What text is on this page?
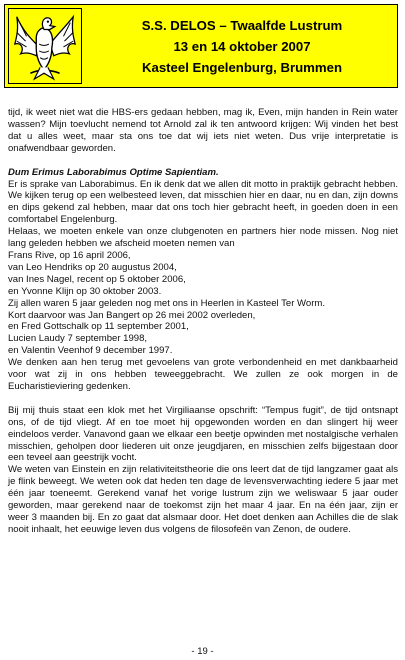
S.S. DELOS – Twaalfde Lustrum
13 en 14 oktober 2007
Kasteel Engelenburg, Brummen

tijd, ik weet niet wat die HBS-ers gedaan hebben, mag ik, Even, mijn handen in Rein water wassen? Mijn toevlucht nemend tot Arnold zal ik ten antwoord krijgen: Wij vinden het best dat u alles weet, maar sta ons toe dat wij iets niet weten. Dus vrije interpretatie is onafwendbaar geworden.

Dum Erimus Laborabimus Optime Sapientiam.

Er is sprake van Laborabimus. En ik denk dat we allen dit motto in praktijk gebracht hebben. We kijken terug op een welbesteed leven, dat misschien hier en daar, nu en dan, zijn downs en dips gekend zal hebben, maar dat ons toch hier gebracht heeft, in goeden doen in een comfortabel Engelenburg.

Helaas, we moeten enkele van onze clubgenoten en partners hier node missen. Nog niet lang geleden hebben we afscheid moeten nemen van

Frans Rive, op 16 april 2006,

van Leo Hendriks op 20 augustus 2004,

van Ines Nagel, recent op 5 oktober 2006,

en Yvonne Klijn op 30 oktober 2003.

Zij allen waren 5 jaar geleden nog met ons in Heerlen in Kasteel Ter Worm.

Kort daarvoor was Jan Bangert op 26 mei 2002 overleden,

en Fred Gottschalk op 11 september 2001,

Lucien Laudy 7 september 1998,

en Valentin Veenhof 9 december 1997.

We denken aan hen terug met gevoelens van grote verbondenheid en met dankbaarheid voor wat zij in ons hebben teweeggebracht. We zullen ze ook morgen in de Eucharistieviering gedenken.

Bij mij thuis staat een klok met het Virgiliaanse opschrift: “Tempus fugit”, de tijd ontsnapt ons, of de tijd vliegt. Af en toe moet hij opgewonden worden en dan slingert hij weer eindeloos verder. Vanavond gaan we elkaar een beetje opwinden met nostalgische verhalen misschien, geholpen door liederen uit onze jeugdjaren, en misschien zelfs bijgestaan door een teveel aan geestrijk vocht.

We weten van Einstein en zijn relativiteitstheorie die ons leert dat de tijd langzamer gaat als je flink beweegt. We weten ook dat heden ten dage de levensverwachting iedere 5 jaar met één jaar toeneemt. Gerekend vanaf het vorige lustrum zijn we weliswaar 5 jaar ouder geworden, maar gerekend naar de toekomst zijn het maar 4 jaar. En na één jaar, zijn er weer 3 maanden bij. En zo gaat dat alsmaar door. Het doet denken aan Achilles die de slak nooit inhaalt, het eeuwige leven dus volgens de filosofeën van Zenon, de oudere.

- 19 -
